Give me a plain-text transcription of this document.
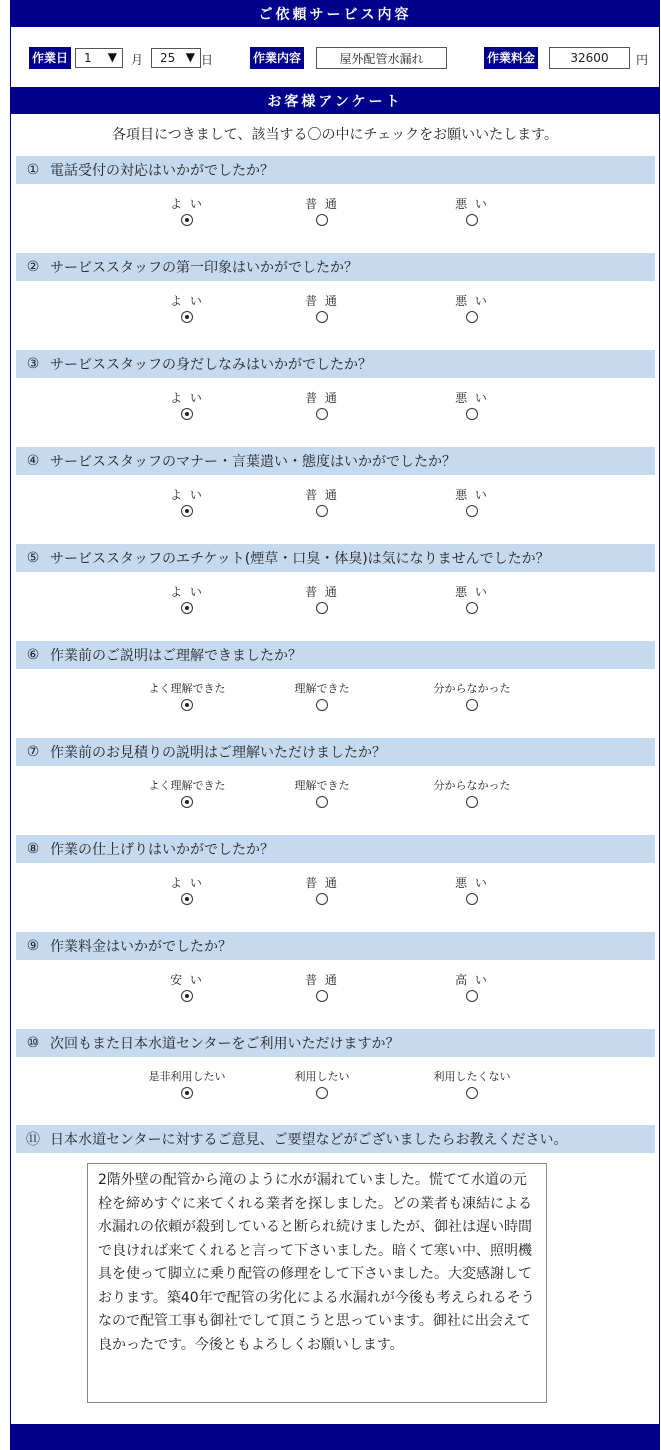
ご依頼サービス内容
作業日 1 ▼ 月 25 ▼ 日	作業内容	屋外配管水漏れ	作業料金	32600	円
お客様アンケート
各項目につきまして、該当する〇の中にチェックをお願いいたします。
① 電話受付の対応はいかがでしたか？
よ い	普 通	悪 い
② サービススタッフの第一印象はいかがでしたか？
よ い	普 通	悪 い
③ サービススタッフの身だしなみはいかがでしたか？
よ い	普 通	悪 い
④ サービススタッフのマナー・言葉遣い・態度はいかがでしたか？
よ い	普 通	悪 い
⑤ サービススタッフのエチケット(煙草・口臭・体臭)は気になりませんでしたか？
よ い	普 通	悪 い
⑥ 作業前のご説明はご理解できましたか？
よく理解できた	理解できた	分からなかった
⑦ 作業前のお見積りの説明はご理解いただけましたか？
よく理解できた	理解できた	分からなかった
⑧ 作業の仕上げりはいかがでしたか？
よ い	普 通	悪 い
⑨ 作業料金はいかがでしたか？
安 い	普 通	高 い
⑩ 次回もまた日本水道センターをご利用いただけますか？
是非利用したい	利用したい	利用したくない
⑪ 日本水道センターに対するご意見、ご要望などがございましたらお教えください。
2階外壁の配管から滝のように水が漏れていました。慌てて水道の元栓を締めすぐに来てくれる業者を探しました。どの業者も凍結による水漏れの依頼が殺到していると断られ続けましたが、御社は遅い時間で良ければ来てくれると言って下さいました。暗くて寒い中、照明機具を使って脚立に乗り配管の修理をして下さいました。大変感謝しております。築40年で配管の劣化による水漏れが今後も考えられるそうなので配管工事も御社でして頂こうと思っています。御社に出会えて良かったです。今後ともよろしくお願いします。
